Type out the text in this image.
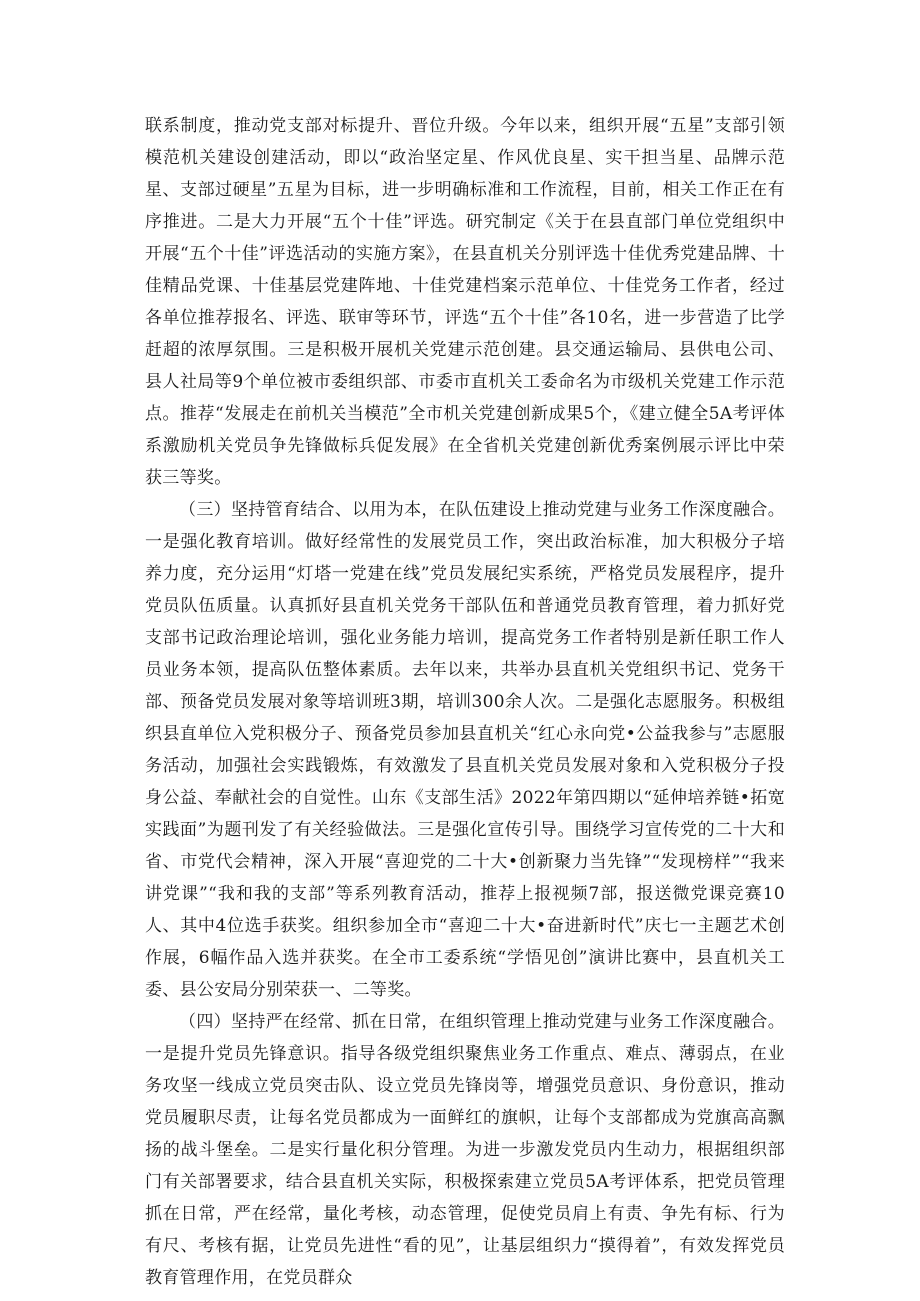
联系制度，推动党支部对标提升、晋位升级。今年以来，组织开展“五星”支部引领模范机关建设创建活动，即以“政治坚定星、作风优良星、实干担当星、品牌示范星、支部过硬星”五星为目标，进一步明确标准和工作流程，目前，相关工作正在有序推进。二是大力开展“五个十佳”评选。研究制定《关于在县直部门单位党组织中开展“五个十佳”评选活动的实施方案》，在县直机关分别评选十佳优秀党建品牌、十佳精品党课、十佳基层党建阵地、十佳党建档案示范单位、十佳党务工作者，经过各单位推荐报名、评选、联审等环节，评选“五个十佳”各10名，进一步营造了比学赶超的浓厚氛围。三是积极开展机关党建示范创建。县交通运输局、县供电公司、县人社局等9个单位被市委组织部、市委市直机关工委命名为市级机关党建工作示范点。推荐“发展走在前机关当模范”全市机关党建创新成果5个，《建立健全5A考评体系激励机关党员争先锋做标兵促发展》在全省机关党建创新优秀案例展示评比中荣获三等奖。

（三）坚持管育结合、以用为本，在队伍建设上推动党建与业务工作深度融合。一是强化教育培训。做好经常性的发展党员工作，突出政治标准，加大积极分子培养力度，充分运用“灯塔一党建在线”党员发展纪实系统，严格党员发展程序，提升党员队伍质量。认真抓好县直机关党务干部队伍和普通党员教育管理，着力抓好党支部书记政治理论培训，强化业务能力培训，提高党务工作者特别是新任职工作人员业务本领，提高队伍整体素质。去年以来，共举办县直机关党组织书记、党务干部、预备党员发展对象等培训班3期，培训300余人次。二是强化志愿服务。积极组织县直单位入党积极分子、预备党员参加县直机关“红心永向党•公益我参与”志愿服务活动，加强社会实践锻炼，有效激发了县直机关党员发展对象和入党积极分子投身公益、奉献社会的自觉性。山东《支部生活》2022年第四期以“延伸培养链•拓宽实践面”为题刊发了有关经验做法。三是强化宣传引导。围绕学习宣传党的二十大和省、市党代会精神，深入开展“喜迎党的二十大•创新聚力当先锋”“发现榜样”“我来讲党课”“我和我的支部”等系列教育活动，推荐上报视频7部，报送微党课竞赛10人、其中4位选手获奖。组织参加全市“喜迎二十大•奋进新时代”庆七一主题艺术创作展，6幅作品入选并获奖。在全市工委系统“学悟见创”演讲比赛中，县直机关工委、县公安局分别荣获一、二等奖。

（四）坚持严在经常、抓在日常，在组织管理上推动党建与业务工作深度融合。一是提升党员先锋意识。指导各级党组织聚焦业务工作重点、难点、薄弱点，在业务攻坚一线成立党员突击队、设立党员先锋岗等，增强党员意识、身份意识，推动党员履职尽责，让每名党员都成为一面鲜红的旗帜，让每个支部都成为党旗高高飘扬的战斗堡垒。二是实行量化积分管理。为进一步激发党员内生动力，根据组织部门有关部署要求，结合县直机关实际，积极探索建立党员5A考评体系，把党员管理抓在日常，严在经常，量化考核，动态管理，促使党员肩上有责、争先有标、行为有尺、考核有据，让党员先进性“看的见”，让基层组织力“摸得着”，有效发挥党员教育管理作用，在党员群众
